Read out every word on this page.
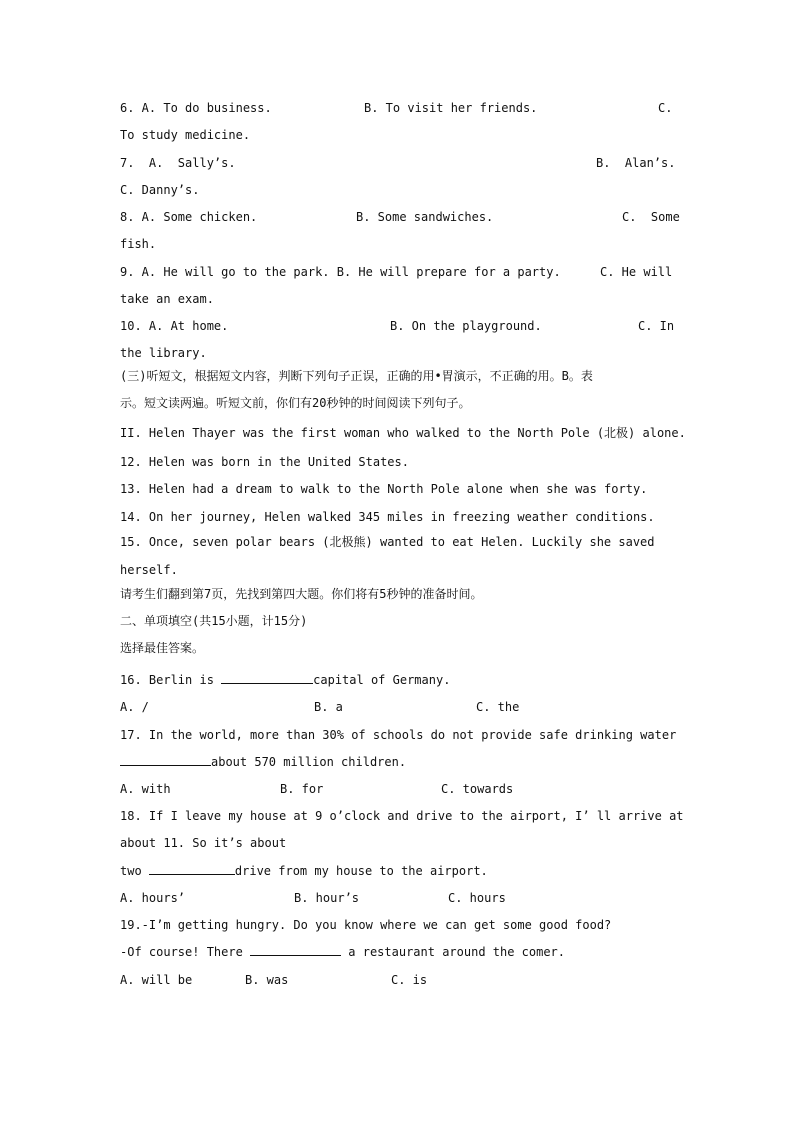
6. A. To do business.	B. To visit her friends.	C.
To study medicine.
7.  A.  Sally’s.	B.  Alan’s.
C. Danny’s.
8. A. Some chicken.	B. Some sandwiches.	C.  Some
fish.
9. A. He will go to the park. B. He will prepare for a party.	C. He will
take an exam.
10. A. At home.	B. On the playground.	C. In
the library.
(三)听短文，根据短文内容，判断下列句子正误，正确的用•胃演示，不正确的用。B。表
示。短文读两遍。听短文前，你们有20秒钟的时间阅读下列句子。
II. Helen Thayer was the first woman who walked to the North Pole (北极) alone.
12. Helen was born in the United States.
13. Helen had a dream to walk to the North Pole alone when she was forty.
14. On her journey, Helen walked 345 miles in freezing weather conditions.
15. Once, seven polar bears (北极熊) wanted to eat Helen. Luckily she saved
herself.
请考生们翻到第7页，先找到第四大题。你们将有5秒钟的准备时间。
二、单项填空(共15小题，计15分)
选择最佳答案。
16. Berlin is	capital of Germany.
A. /	B. a	C. the
17. In the world, more than 30% of schools do not provide safe drinking water
about 570 million children.
A. with	B. for	C. towards
18. If I leave my house at 9 o’clock and drive to the airport, I’ ll arrive at
about 11. So it’s about
two	drive from my house to the airport.
A. hours’	B. hour’s	C. hours
19.-I’m getting hungry. Do you know where we can get some good food?
-Of course! There	a restaurant around the comer.
A. will be	B. was	C. is
